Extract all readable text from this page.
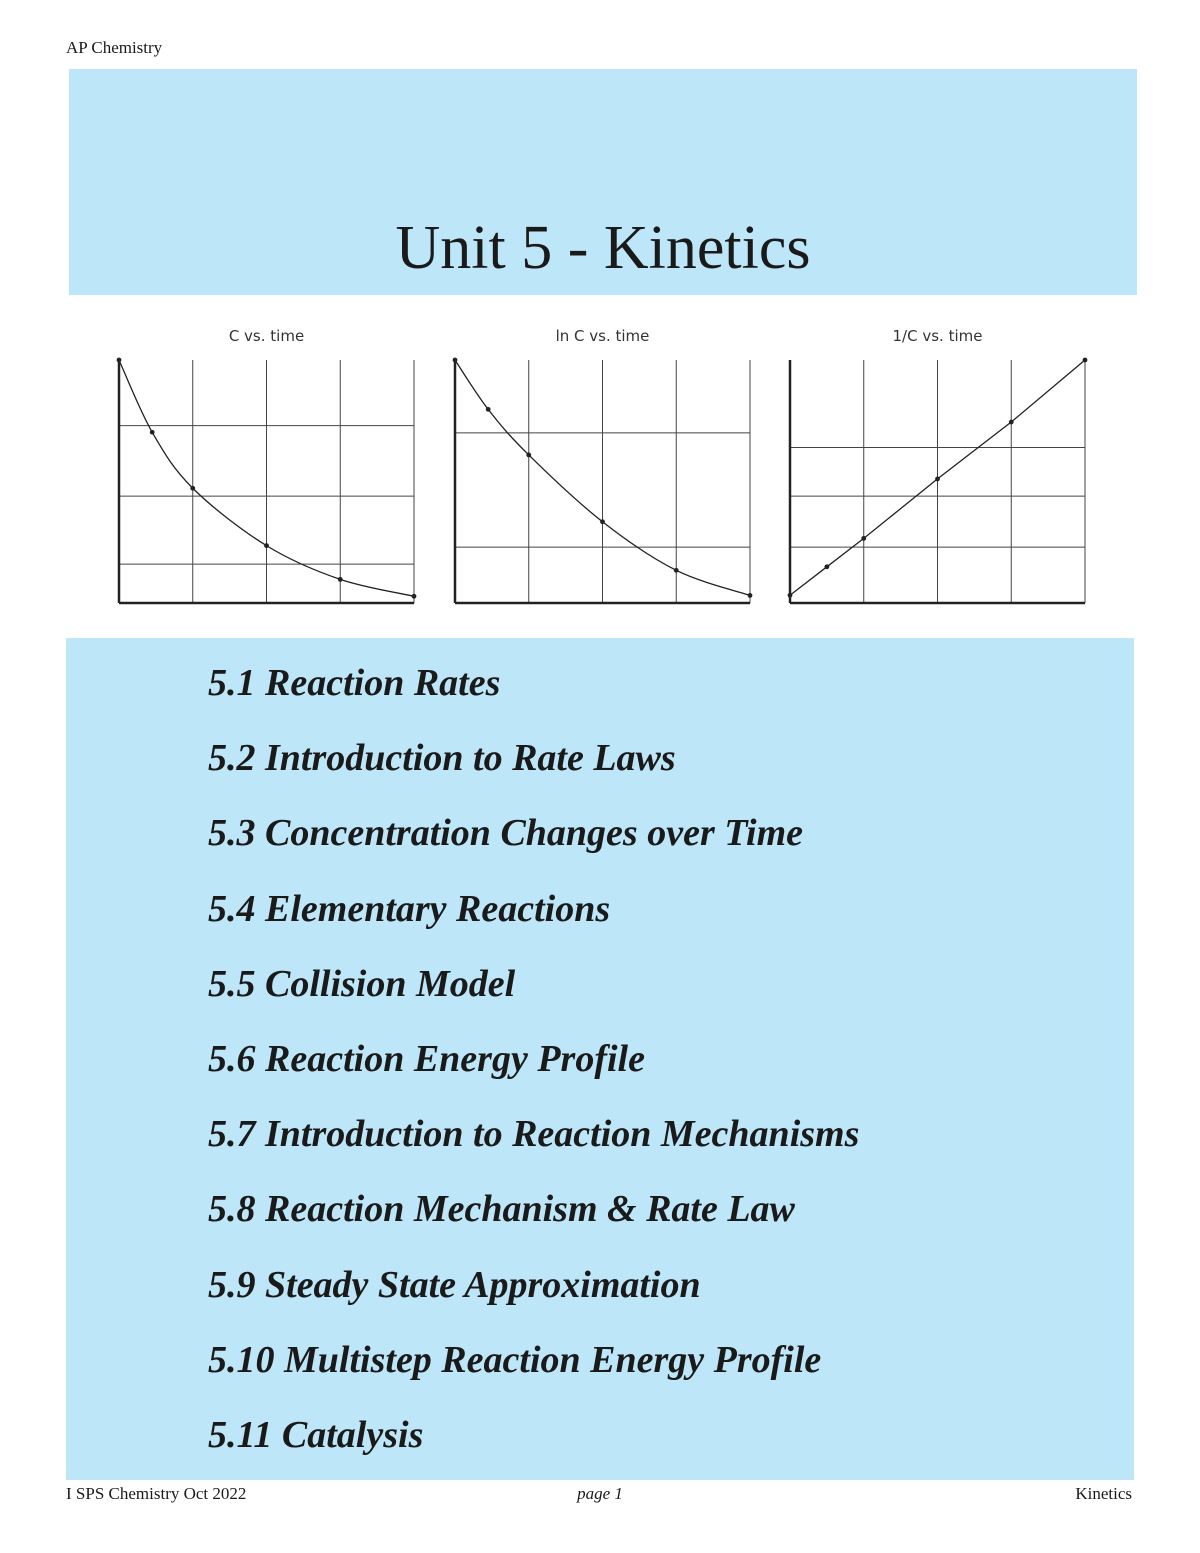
AP Chemistry
Unit 5 - Kinetics
C vs. time	ln C vs. time	1/C vs. time
5.1 Reaction Rates
5.2 Introduction to Rate Laws
5.3 Concentration Changes over Time
5.4 Elementary Reactions
5.5 Collision Model
5.6 Reaction Energy Profile
5.7 Introduction to Reaction Mechanisms
5.8 Reaction Mechanism & Rate Law
5.9 Steady State Approximation
5.10 Multistep Reaction Energy Profile
5.11 Catalysis
I SPS Chemistry Oct 2022	page 1	Kinetics
